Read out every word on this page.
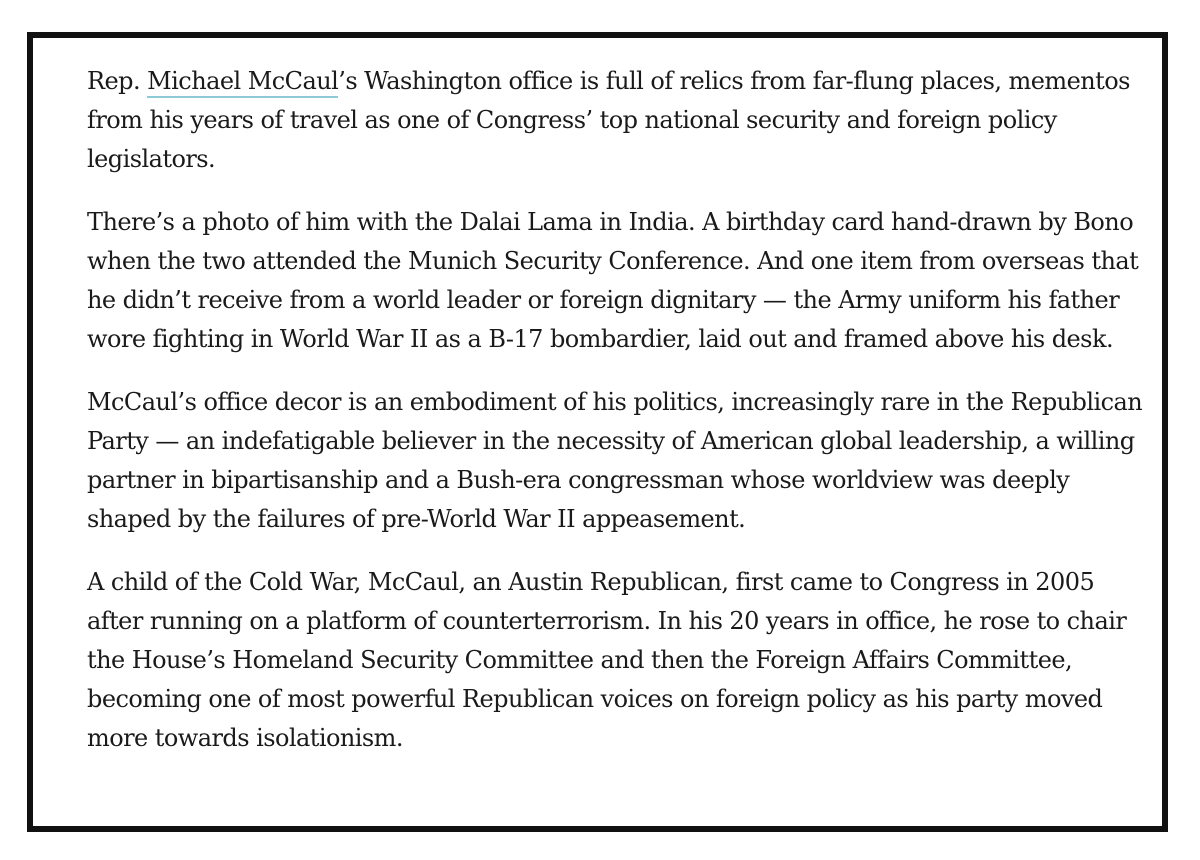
Rep. Michael McCaul’s Washington office is full of relics from far-flung places, mementos from his years of travel as one of Congress’ top national security and foreign policy legislators.

There’s a photo of him with the Dalai Lama in India. A birthday card hand-drawn by Bono when the two attended the Munich Security Conference. And one item from overseas that he didn’t receive from a world leader or foreign dignitary — the Army uniform his father wore fighting in World War II as a B-17 bombardier, laid out and framed above his desk.

McCaul’s office decor is an embodiment of his politics, increasingly rare in the Republican Party — an indefatigable believer in the necessity of American global leadership, a willing partner in bipartisanship and a Bush-era congressman whose worldview was deeply shaped by the failures of pre-World War II appeasement.

A child of the Cold War, McCaul, an Austin Republican, first came to Congress in 2005 after running on a platform of counterterrorism. In his 20 years in office, he rose to chair the House’s Homeland Security Committee and then the Foreign Affairs Committee, becoming one of most powerful Republican voices on foreign policy as his party moved more towards isolationism.
